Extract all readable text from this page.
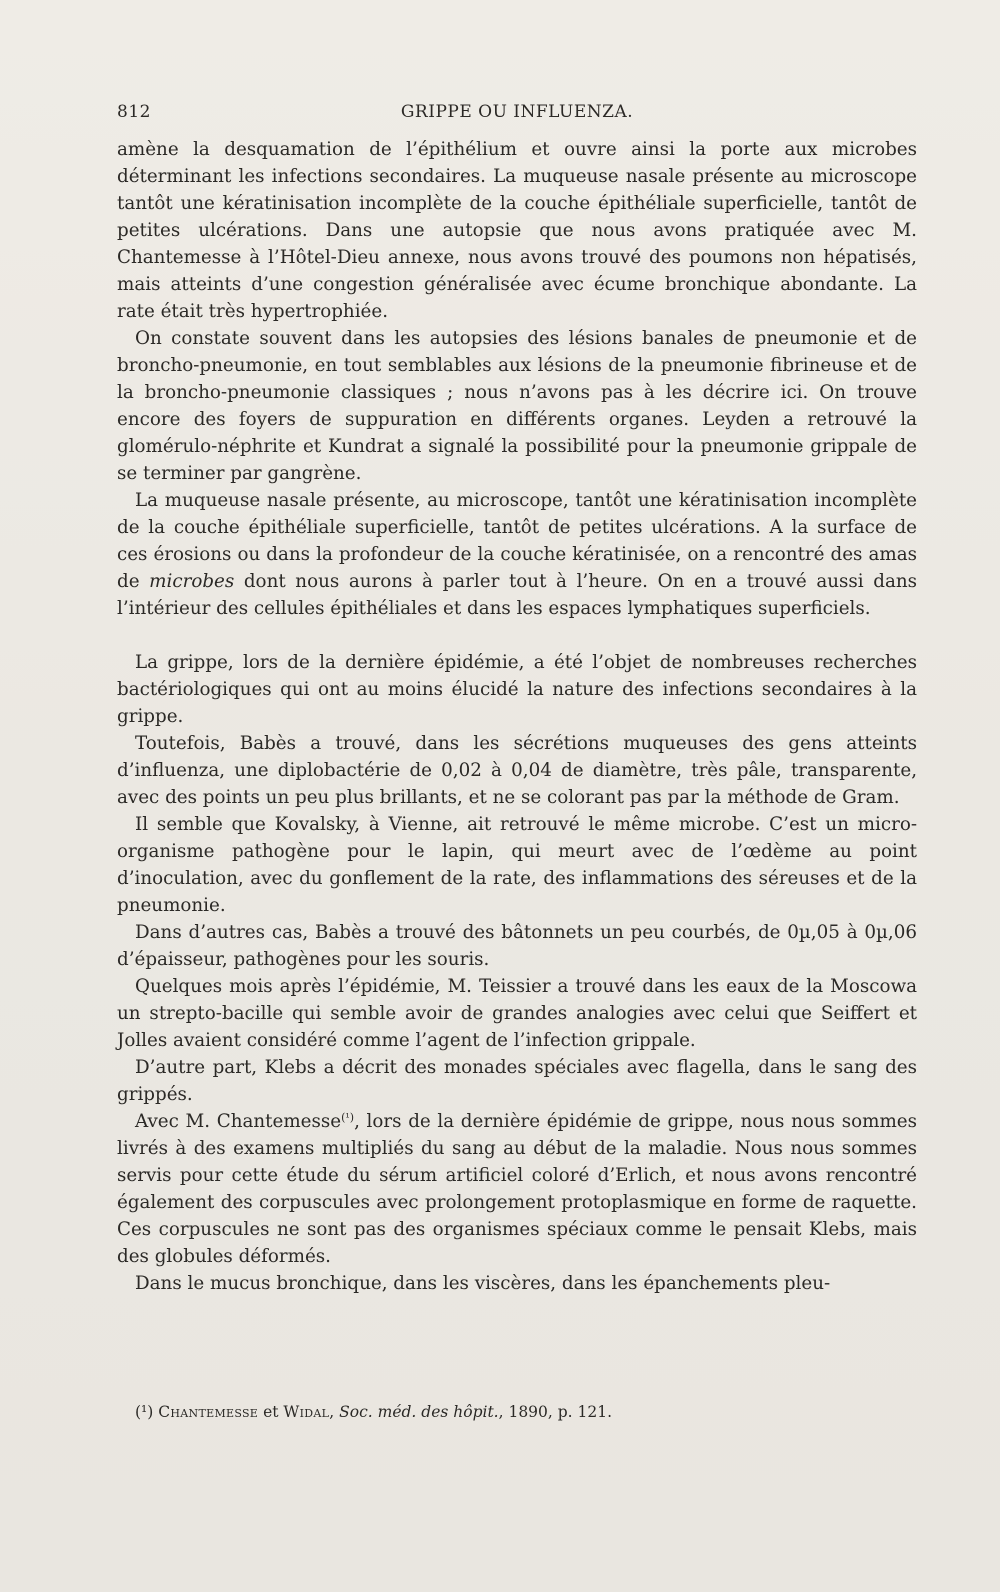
812	GRIPPE OU INFLUENZA.

amène la desquamation de l’épithélium et ouvre ainsi la porte aux microbes déterminant les infections secondaires. La muqueuse nasale présente au microscope tantôt une kératinisation incomplète de la couche épithéliale superficielle, tantôt de petites ulcérations. Dans une autopsie que nous avons pratiquée avec M. Chantemesse à l’Hôtel-Dieu annexe, nous avons trouvé des poumons non hépatisés, mais atteints d’une congestion généralisée avec écume bronchique abondante. La rate était très hypertrophiée.

On constate souvent dans les autopsies des lésions banales de pneumonie et de broncho-pneumonie, en tout semblables aux lésions de la pneumonie fibrineuse et de la broncho-pneumonie classiques ; nous n’avons pas à les décrire ici. On trouve encore des foyers de suppuration en différents organes. Leyden a retrouvé la glomérulo-néphrite et Kundrat a signalé la possibilité pour la pneumonie grippale de se terminer par gangrène.

La muqueuse nasale présente, au microscope, tantôt une kératinisation incomplète de la couche épithéliale superficielle, tantôt de petites ulcérations. A la surface de ces érosions ou dans la profondeur de la couche kératinisée, on a rencontré des amas de microbes dont nous aurons à parler tout à l’heure. On en a trouvé aussi dans l’intérieur des cellules épithéliales et dans les espaces lymphatiques superficiels.

La grippe, lors de la dernière épidémie, a été l’objet de nombreuses recherches bactériologiques qui ont au moins élucidé la nature des infections secondaires à la grippe.

Toutefois, Babès a trouvé, dans les sécrétions muqueuses des gens atteints d’influenza, une diplobactérie de 0,02 à 0,04 de diamètre, très pâle, transparente, avec des points un peu plus brillants, et ne se colorant pas par la méthode de Gram.

Il semble que Kovalsky, à Vienne, ait retrouvé le même microbe. C’est un micro-organisme pathogène pour le lapin, qui meurt avec de l’œdème au point d’inoculation, avec du gonflement de la rate, des inflammations des séreuses et de la pneumonie.

Dans d’autres cas, Babès a trouvé des bâtonnets un peu courbés, de 0µ,05 à 0µ,06 d’épaisseur, pathogènes pour les souris.

Quelques mois après l’épidémie, M. Teissier a trouvé dans les eaux de la Moscowa un strepto-bacille qui semble avoir de grandes analogies avec celui que Seiffert et Jolles avaient considéré comme l’agent de l’infection grippale.

D’autre part, Klebs a décrit des monades spéciales avec flagella, dans le sang des grippés.

Avec M. Chantemesse$^{(^1)}$, lors de la dernière épidémie de grippe, nous nous sommes livrés à des examens multipliés du sang au début de la maladie. Nous nous sommes servis pour cette étude du sérum artificiel coloré d’Erlich, et nous avons rencontré également des corpuscules avec prolongement protoplasmique en forme de raquette. Ces corpuscules ne sont pas des organismes spéciaux comme le pensait Klebs, mais des globules déformés.

Dans le mucus bronchique, dans les viscères, dans les épanchements pleu-

(¹) Chantemesse et Widal, Soc. méd. des hôpit., 1890, p. 121.
